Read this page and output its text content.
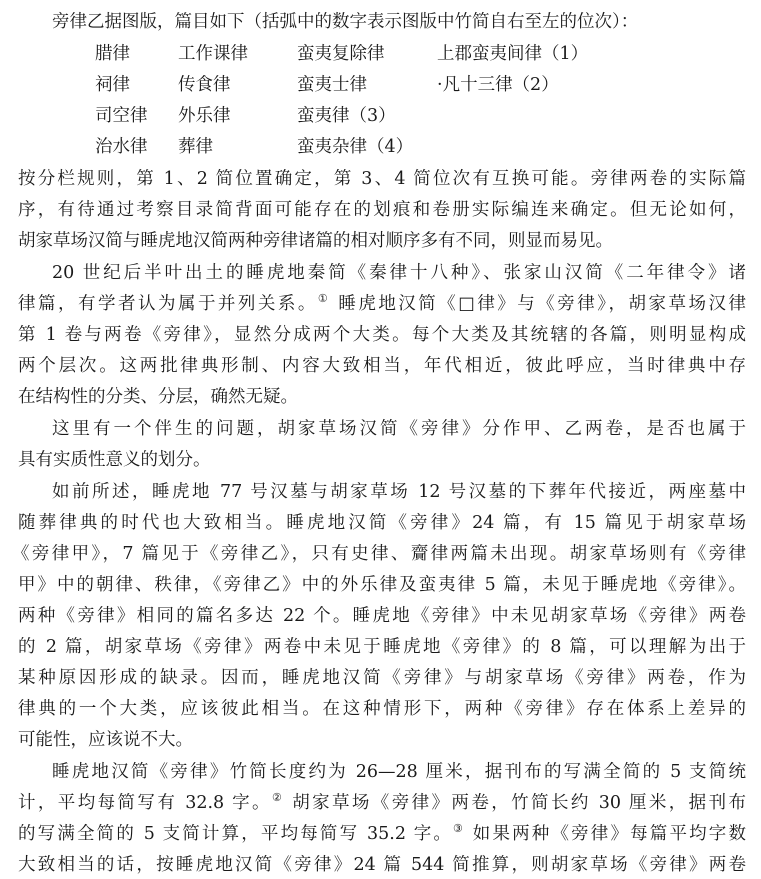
旁律乙据图版，篇目如下（括弧中的数字表示图版中竹简自右至左的位次）：
腊律	工作课律	蛮夷复除律	上郡蛮夷间律（1）
祠律	传食律	蛮夷士律	·凡十三律（2）
司空律 外乐律	蛮夷律（3）
治水律 葬律	蛮夷杂律（4）
按分栏规则，第 1、2 简位置确定，第 3、4 简位次有互换可能。旁律两卷的实际篇
序，有待通过考察目录简背面可能存在的划痕和卷册实际编连来确定。但无论如何，
胡家草场汉简与睡虎地汉简两种旁律诸篇的相对顺序多有不同，则显而易见。
20 世纪后半叶出土的睡虎地秦简《秦律十八种》、张家山汉简《二年律令》诸
律篇，有学者认为属于并列关系。① 睡虎地汉简《□律》与《旁律》，胡家草场汉律
第 1 卷与两卷《旁律》，显然分成两个大类。每个大类及其统辖的各篇，则明显构成
两个层次。这两批律典形制、内容大致相当，年代相近，彼此呼应，当时律典中存
在结构性的分类、分层，确然无疑。
这里有一个伴生的问题，胡家草场汉简《旁律》分作甲、乙两卷，是否也属于
具有实质性意义的划分。
如前所述，睡虎地 77 号汉墓与胡家草场 12 号汉墓的下葬年代接近，两座墓中
随葬律典的时代也大致相当。睡虎地汉简《旁律》24 篇，有 15 篇见于胡家草场
《旁律甲》，7 篇见于《旁律乙》，只有史律、齎律两篇未出现。胡家草场则有《旁律
甲》中的朝律、秩律，《旁律乙》中的外乐律及蛮夷律 5 篇，未见于睡虎地《旁律》。
两种《旁律》相同的篇名多达 22 个。睡虎地《旁律》中未见胡家草场《旁律》两卷
的 2 篇，胡家草场《旁律》两卷中未见于睡虎地《旁律》的 8 篇，可以理解为出于
某种原因形成的缺录。因而，睡虎地汉简《旁律》与胡家草场《旁律》两卷，作为
律典的一个大类，应该彼此相当。在这种情形下，两种《旁律》存在体系上差异的
可能性，应该说不大。
睡虎地汉简《旁律》竹简长度约为 26—28 厘米，据刊布的写满全简的 5 支简统
计，平均每简写有 32.8 字。② 胡家草场《旁律》两卷，竹简长约 30 厘米，据刊布
的写满全简的 5 支简计算，平均每简写 35.2 字。③ 如果两种《旁律》每篇平均字数
大致相当的话，按睡虎地汉简《旁律》24 篇 544 简推算，则胡家草场《旁律》两卷
